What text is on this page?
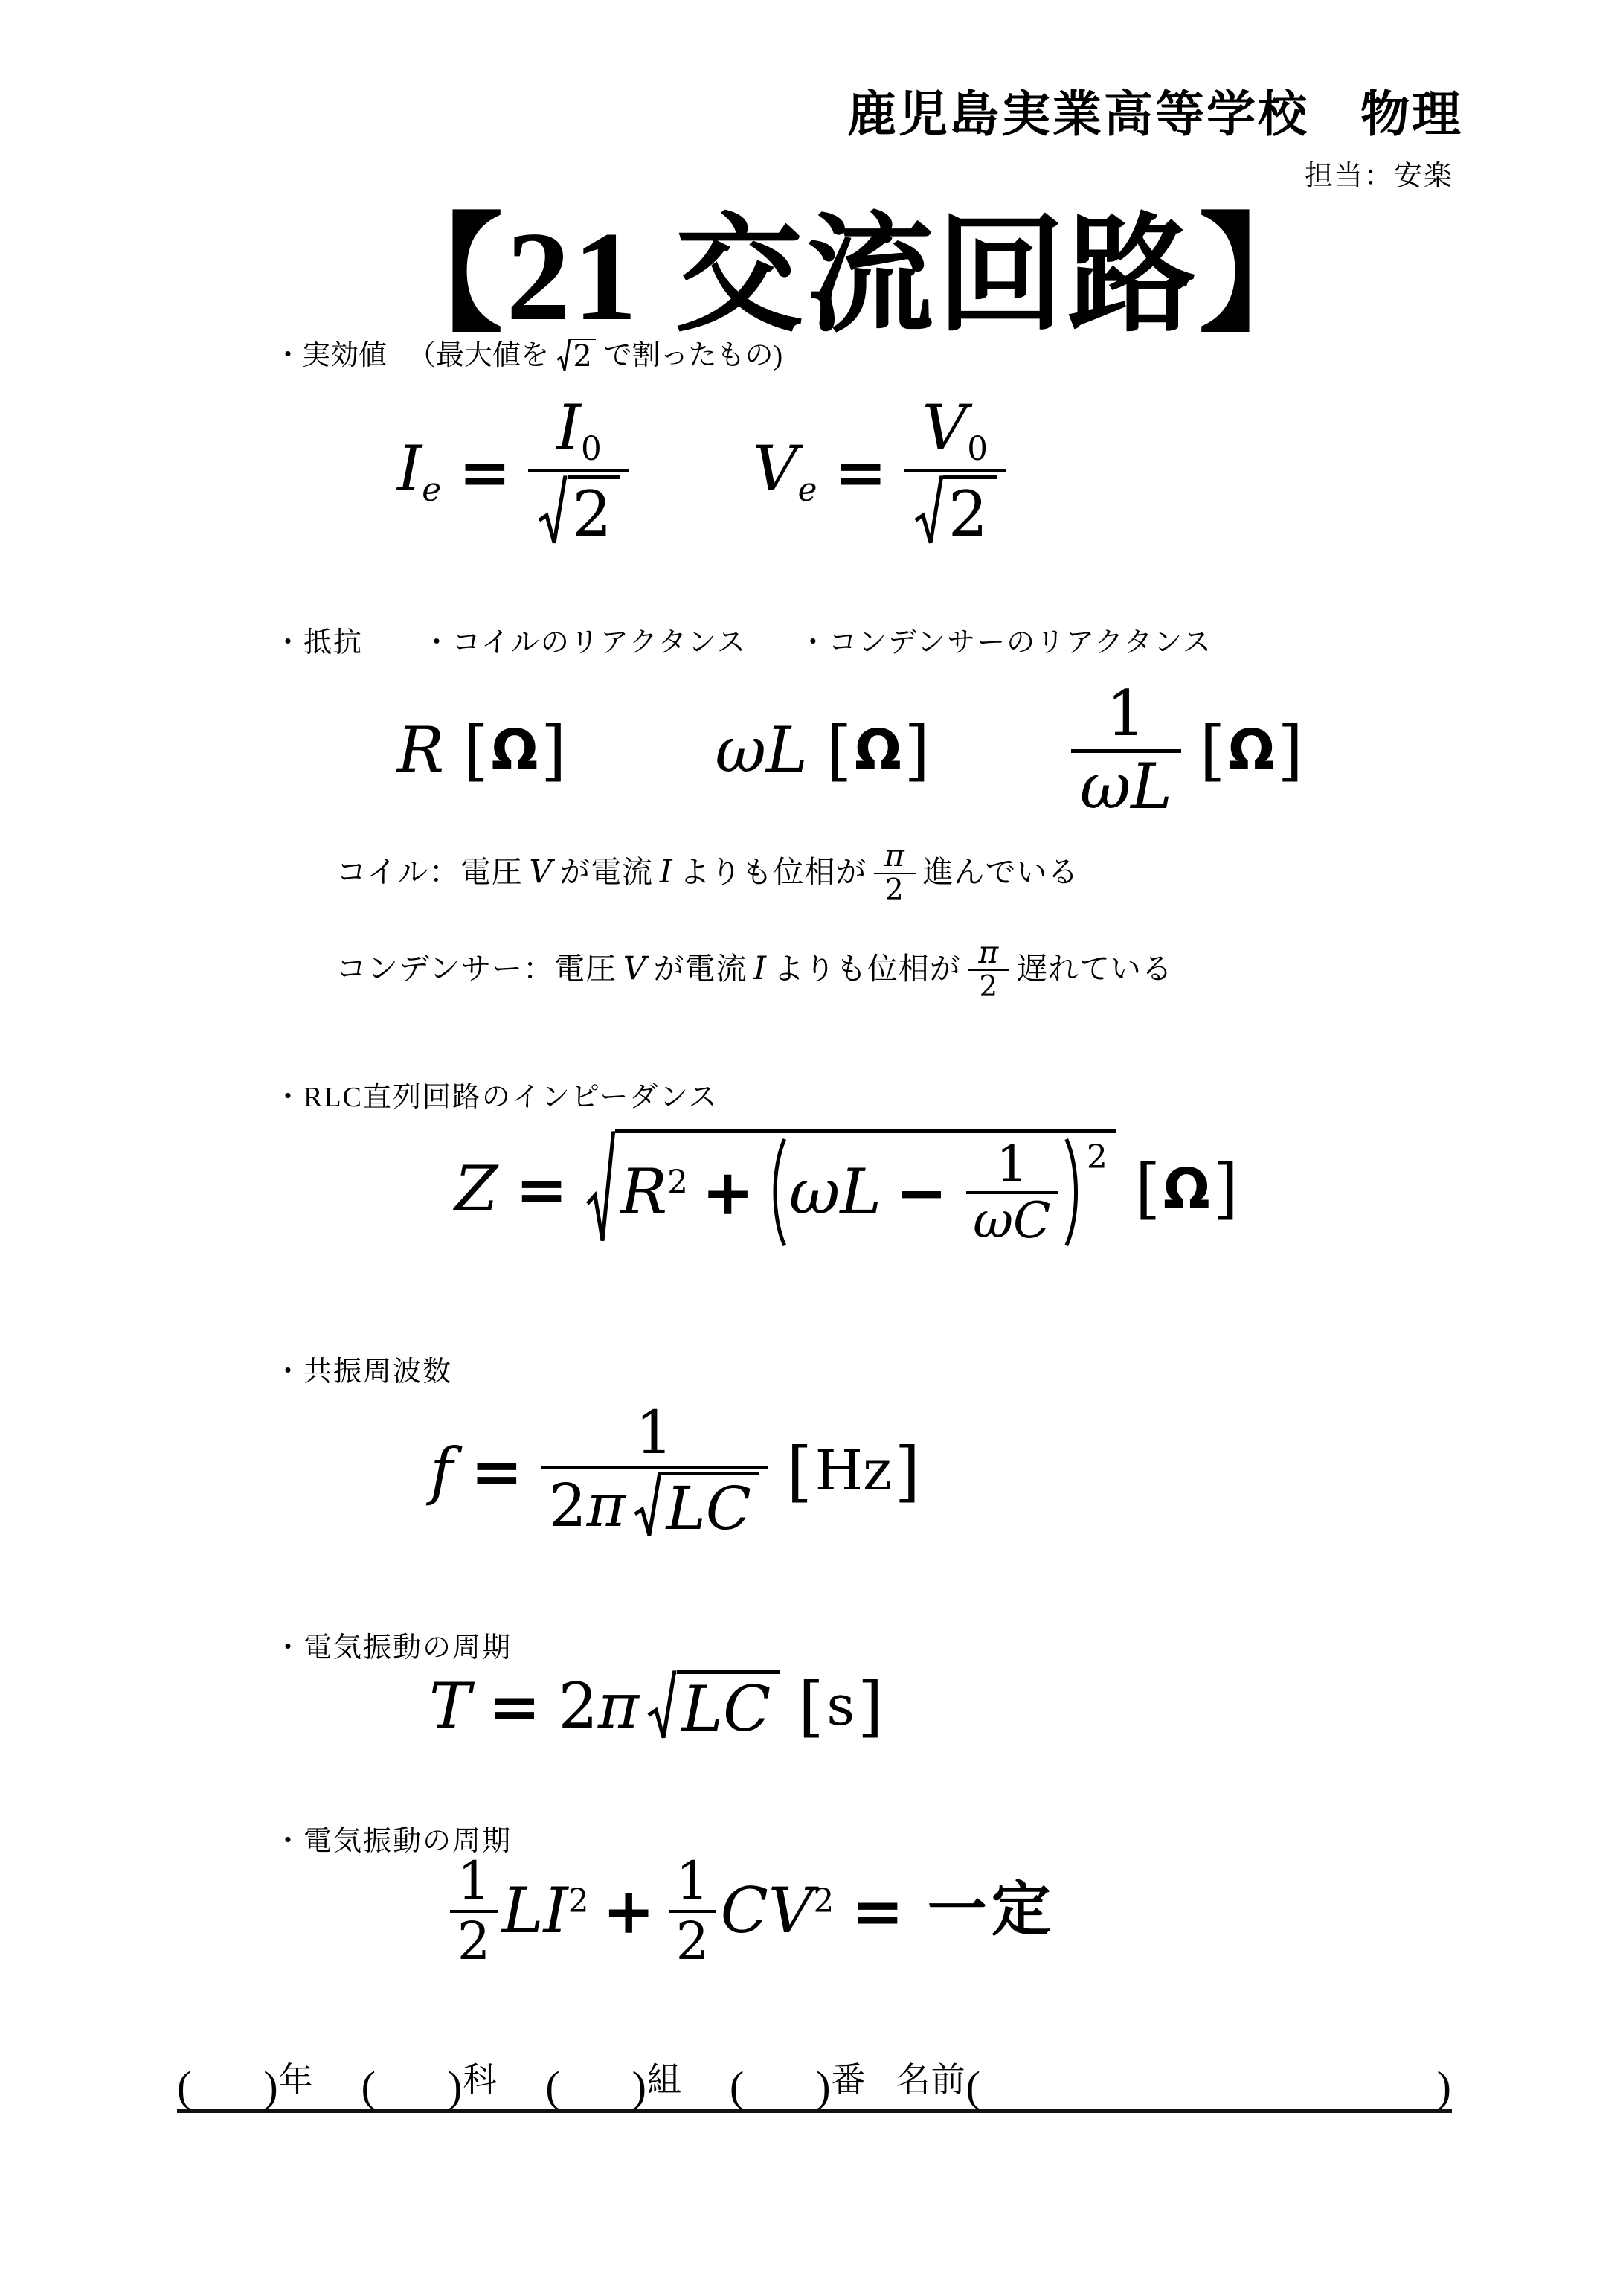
鹿児島実業高等学校　物理
担当：安楽
【21 交流回路】
・実効値 （最大値を 2 で割ったもの)
Ie =
I0
2
Ve =
V0
2
・抵抗 ・コイルのリアクタンス ・コンデンサーのリアクタンス
R [ Ω ] ωL [ Ω ]	1
ωL [ Ω ]
コイル：電圧 V が電流 I よりも位相が $\frac{\pi}{2}$ 進んでいる
コンデンサー：電圧 V が電流 I よりも位相が $\frac{\pi}{2}$ 遅れている
・RLC直列回路のインピーダンス
$Z = R^2 + \omega L - \frac{1}{\omega C} 2$ [ Ω ]
・共振周波数
f =
1
2 π LC [ Hz ]
・電気振動の周期
T = 2 π LC [ s ]
・電気振動の周期
$\frac{1}{2} LI^2 + \frac{1}{2} CV^2$ = 一定
( ) 年 ( ) 科 ( ) 組 ( ) 番 名前 (	)
